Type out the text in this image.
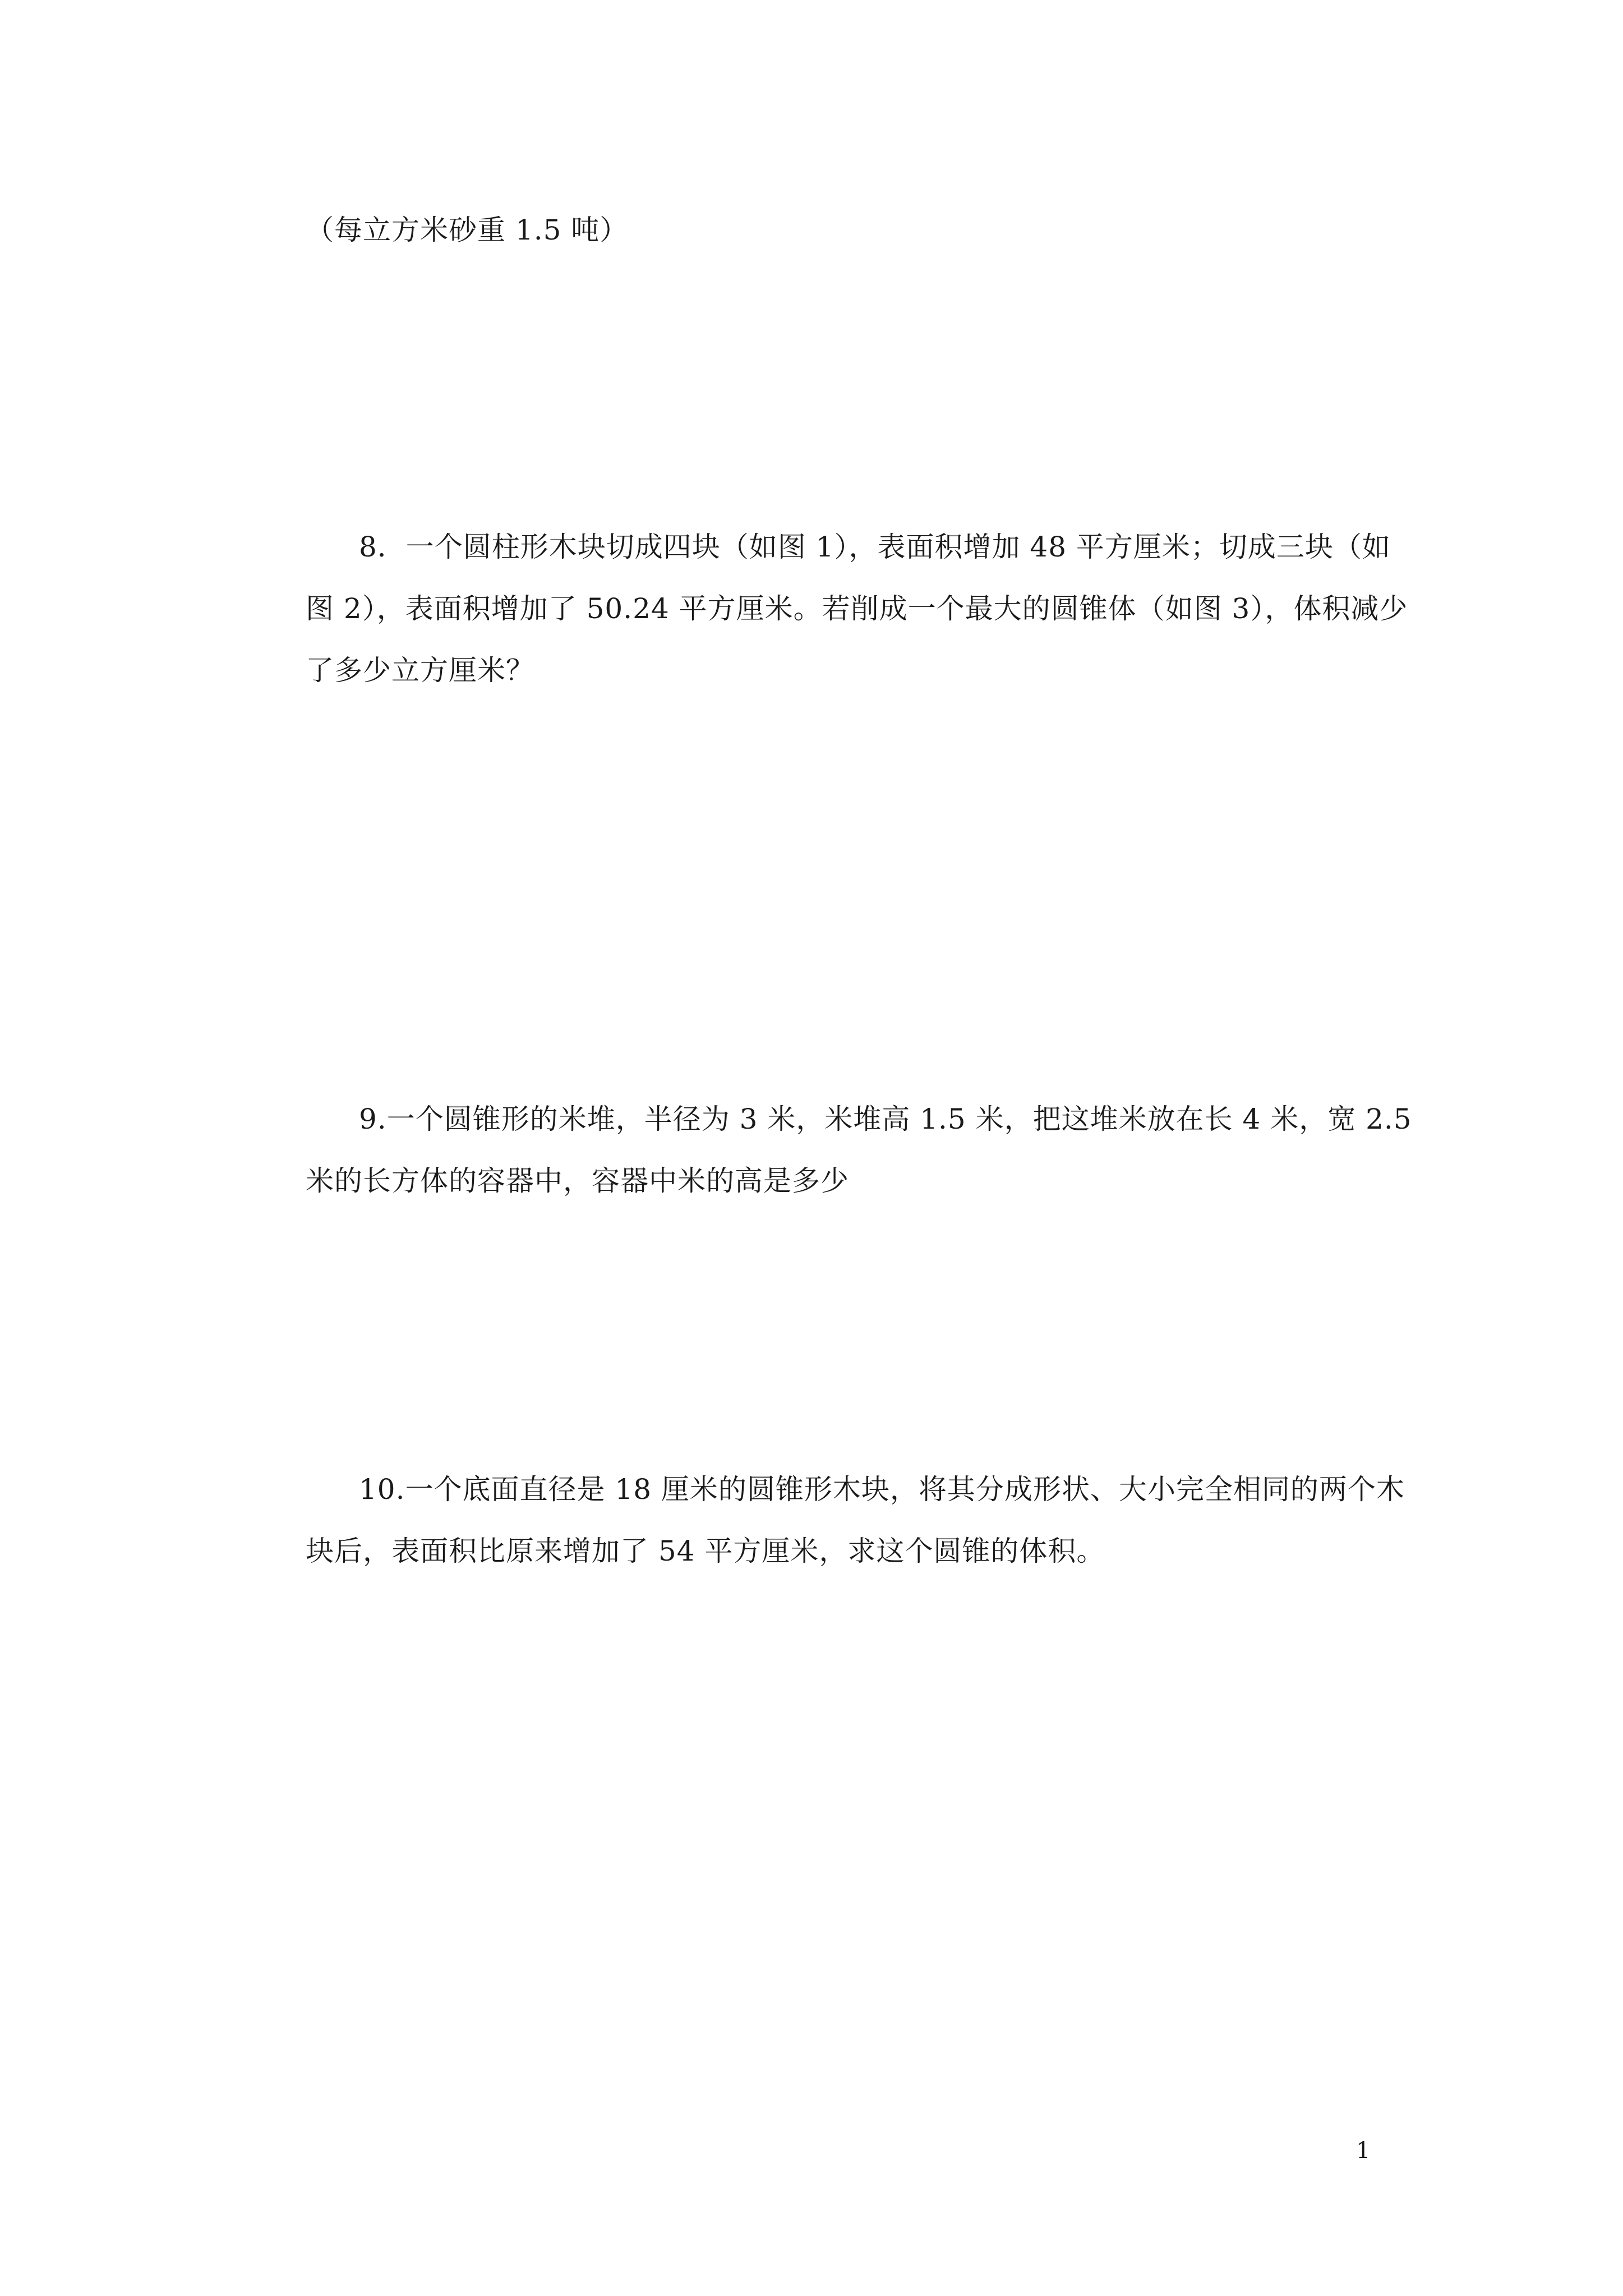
（每立方米砂重 1.5 吨）
8．一个圆柱形木块切成四块（如图 1），表面积增加 48 平方厘米；切成三块（如
图 2），表面积增加了 50.24 平方厘米。若削成一个最大的圆锥体（如图 3），体积减少
了多少立方厘米？
9.一个圆锥形的米堆，半径为 3 米，米堆高 1.5 米，把这堆米放在长 4 米，宽 2.5
米的长方体的容器中，容器中米的高是多少
10.一个底面直径是 18 厘米的圆锥形木块，将其分成形状、大小完全相同的两个木
块后，表面积比原来增加了 54 平方厘米，求这个圆锥的体积。
1
